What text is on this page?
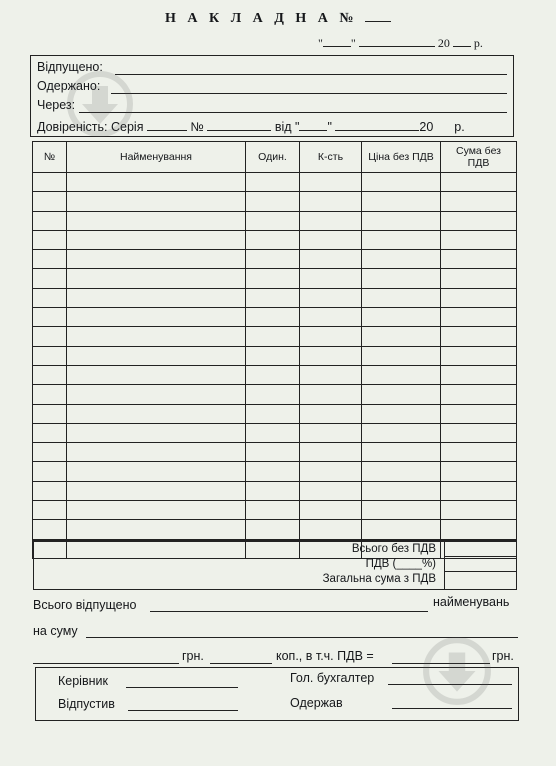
Н А К Л А Д Н А №
" "	20 р.
Відпущено:
Одержано:
Через:
Довіреність: Серія	№	від " "	20 р.
№	Найменування	Один.	К-сть	Ціна без ПДВ	Сума без ПДВ

Всього без ПДВ
ПДВ (____%)
Загальна сума з ПДВ
Всього відпущено	найменувань
на суму
грн.	коп., в т.ч. ПДВ =	грн.
Керівник	Гол. бухгалтер
Відпустив	Одержав
